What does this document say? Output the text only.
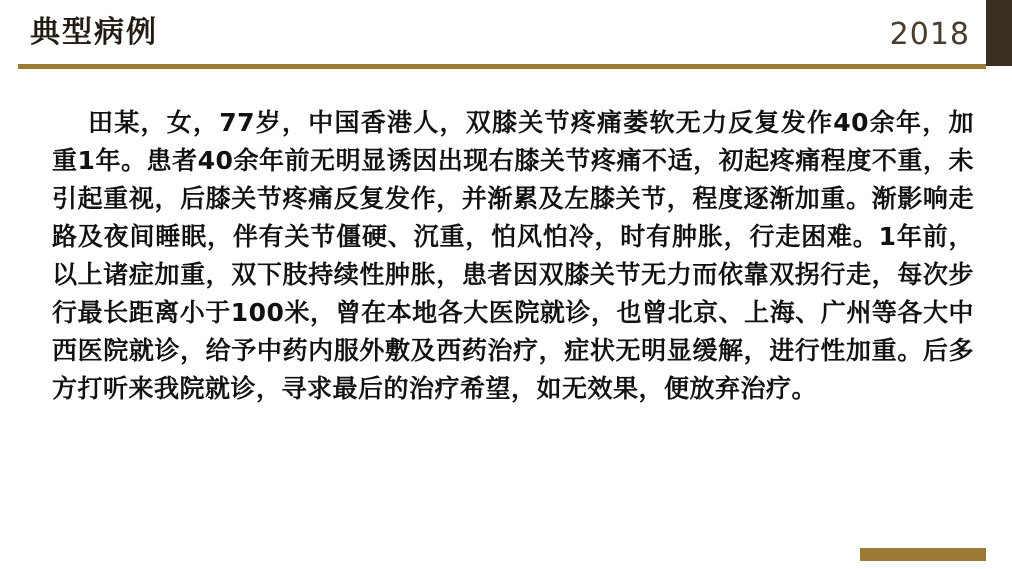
典型病例	2018
田某，女，77岁，中国香港人，双膝关节疼痛萎软无力反复发作40余年，加重1年。患者40余年前无明显诱因出现右膝关节疼痛不适，初起疼痛程度不重，未引起重视，后膝关节疼痛反复发作，并渐累及左膝关节，程度逐渐加重。渐影响走路及夜间睡眠，伴有关节僵硬、沉重，怕风怕冷，时有肿胀，行走困难。1年前，以上诸症加重，双下肢持续性肿胀，患者因双膝关节无力而依靠双拐行走，每次步行最长距离小于100米，曾在本地各大医院就诊，也曾北京、上海、广州等各大中西医院就诊，给予中药内服外敷及西药治疗，症状无明显缓解，进行性加重。后多方打听来我院就诊，寻求最后的治疗希望，如无效果，便放弃治疗。
